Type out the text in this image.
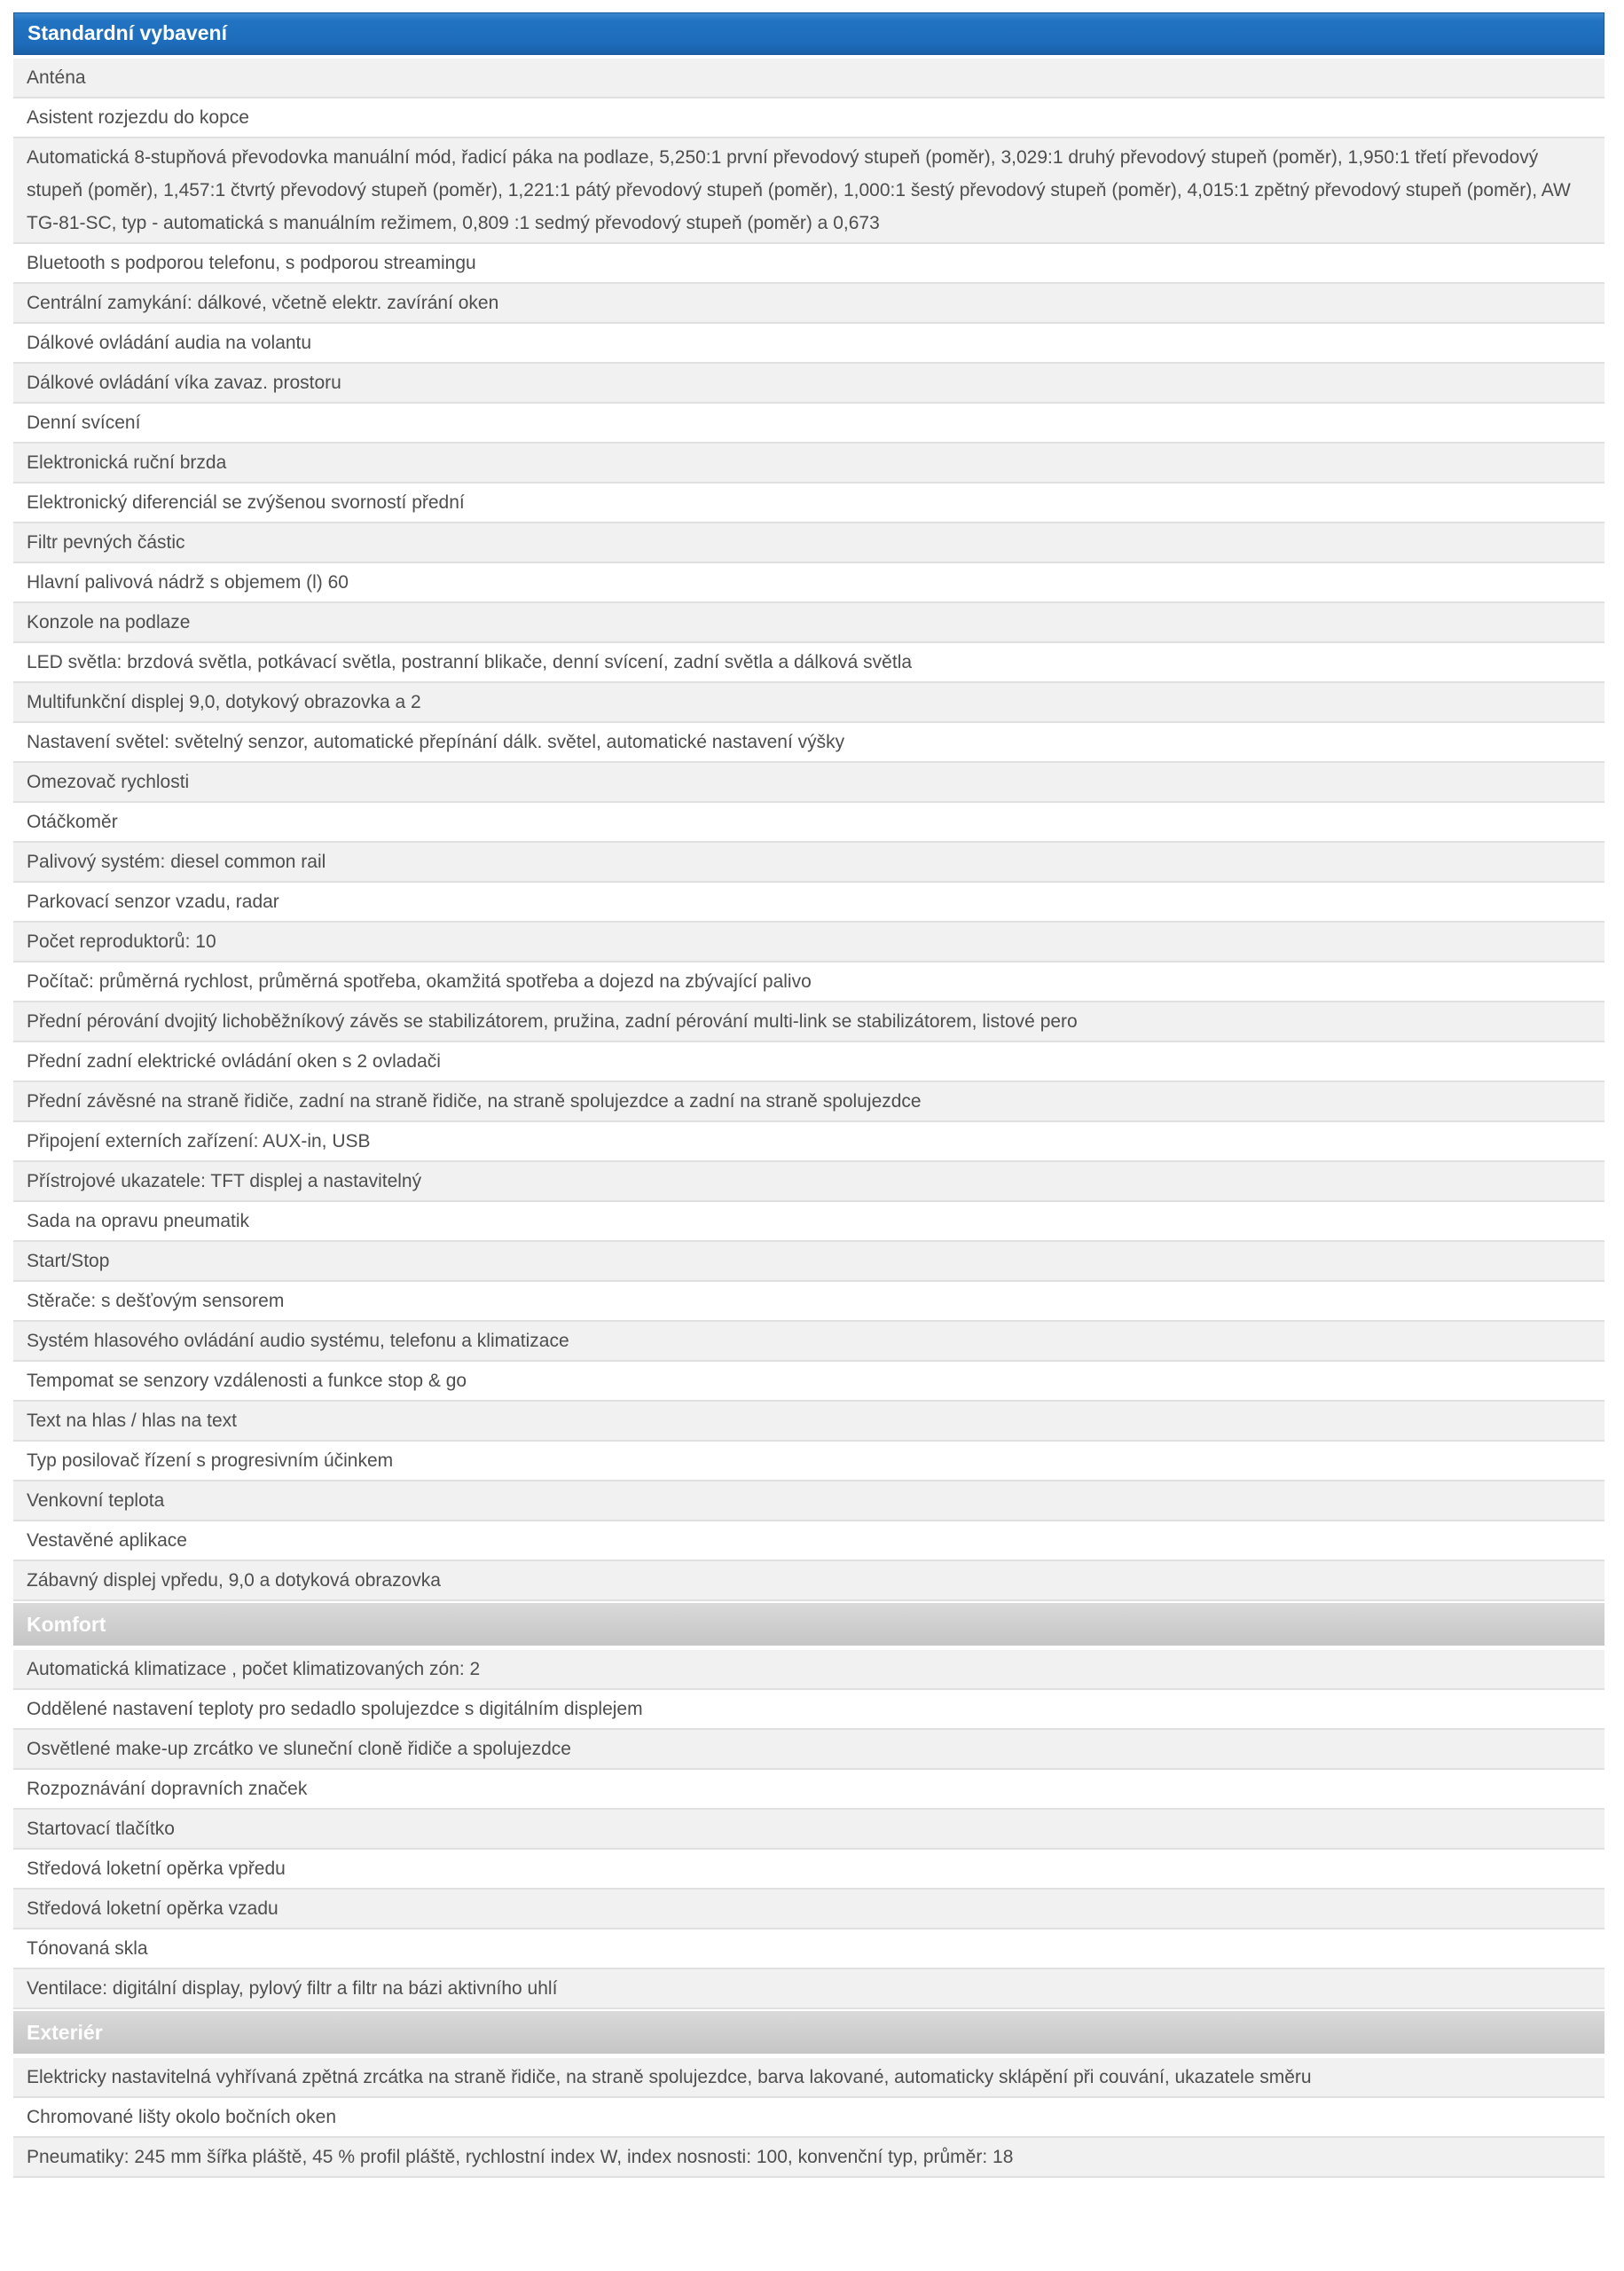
Standardní vybavení
Anténa
Asistent rozjezdu do kopce
Automatická 8-stupňová převodovka manuální mód, řadicí páka na podlaze, 5,250:1 první převodový stupeň (poměr), 3,029:1 druhý převodový stupeň (poměr), 1,950:1 třetí převodový stupeň (poměr), 1,457:1 čtvrtý převodový stupeň (poměr), 1,221:1 pátý převodový stupeň (poměr), 1,000:1 šestý převodový stupeň (poměr), 4,015:1 zpětný převodový stupeň (poměr), AW TG-81-SC, typ - automatická s manuálním režimem, 0,809 :1 sedmý převodový stupeň (poměr) a 0,673
Bluetooth s podporou telefonu, s podporou streamingu
Centrální zamykání: dálkové, včetně elektr. zavírání oken
Dálkové ovládání audia na volantu
Dálkové ovládání víka zavaz. prostoru
Denní svícení
Elektronická ruční brzda
Elektronický diferenciál se zvýšenou svorností přední
Filtr pevných částic
Hlavní palivová nádrž s objemem (l) 60
Konzole na podlaze
LED světla: brzdová světla, potkávací světla, postranní blikače, denní svícení, zadní světla a dálková světla
Multifunkční displej 9,0, dotykový obrazovka a 2
Nastavení světel: světelný senzor, automatické přepínání dálk. světel, automatické nastavení výšky
Omezovač rychlosti
Otáčkoměr
Palivový systém: diesel common rail
Parkovací senzor vzadu, radar
Počet reproduktorů: 10
Počítač: průměrná rychlost, průměrná spotřeba, okamžitá spotřeba a dojezd na zbývající palivo
Přední pérování dvojitý lichoběžníkový závěs se stabilizátorem, pružina, zadní pérování multi-link se stabilizátorem, listové pero
Přední zadní elektrické ovládání oken s 2 ovladači
Přední závěsné na straně řidiče, zadní na straně řidiče, na straně spolujezdce a zadní na straně spolujezdce
Připojení externích zařízení: AUX-in, USB
Přístrojové ukazatele: TFT displej a nastavitelný
Sada na opravu pneumatik
Start/Stop
Stěrače: s dešťovým sensorem
Systém hlasového ovládání audio systému, telefonu a klimatizace
Tempomat se senzory vzdálenosti a funkce stop & go
Text na hlas / hlas na text
Typ posilovač řízení s progresivním účinkem
Venkovní teplota
Vestavěné aplikace
Zábavný displej vpředu, 9,0 a dotyková obrazovka
Komfort
Automatická klimatizace , počet klimatizovaných zón: 2
Oddělené nastavení teploty pro sedadlo spolujezdce s digitálním displejem
Osvětlené make-up zrcátko ve sluneční cloně řidiče a spolujezdce
Rozpoznávání dopravních značek
Startovací tlačítko
Středová loketní opěrka vpředu
Středová loketní opěrka vzadu
Tónovaná skla
Ventilace: digitální display, pylový filtr a filtr na bázi aktivního uhlí
Exteriér
Elektricky nastavitelná vyhřívaná zpětná zrcátka na straně řidiče, na straně spolujezdce, barva lakované, automaticky sklápění při couvání, ukazatele směru
Chromované lišty okolo bočních oken
Pneumatiky: 245 mm šířka pláště, 45 % profil pláště, rychlostní index W, index nosnosti: 100, konvenční typ, průměr: 18
